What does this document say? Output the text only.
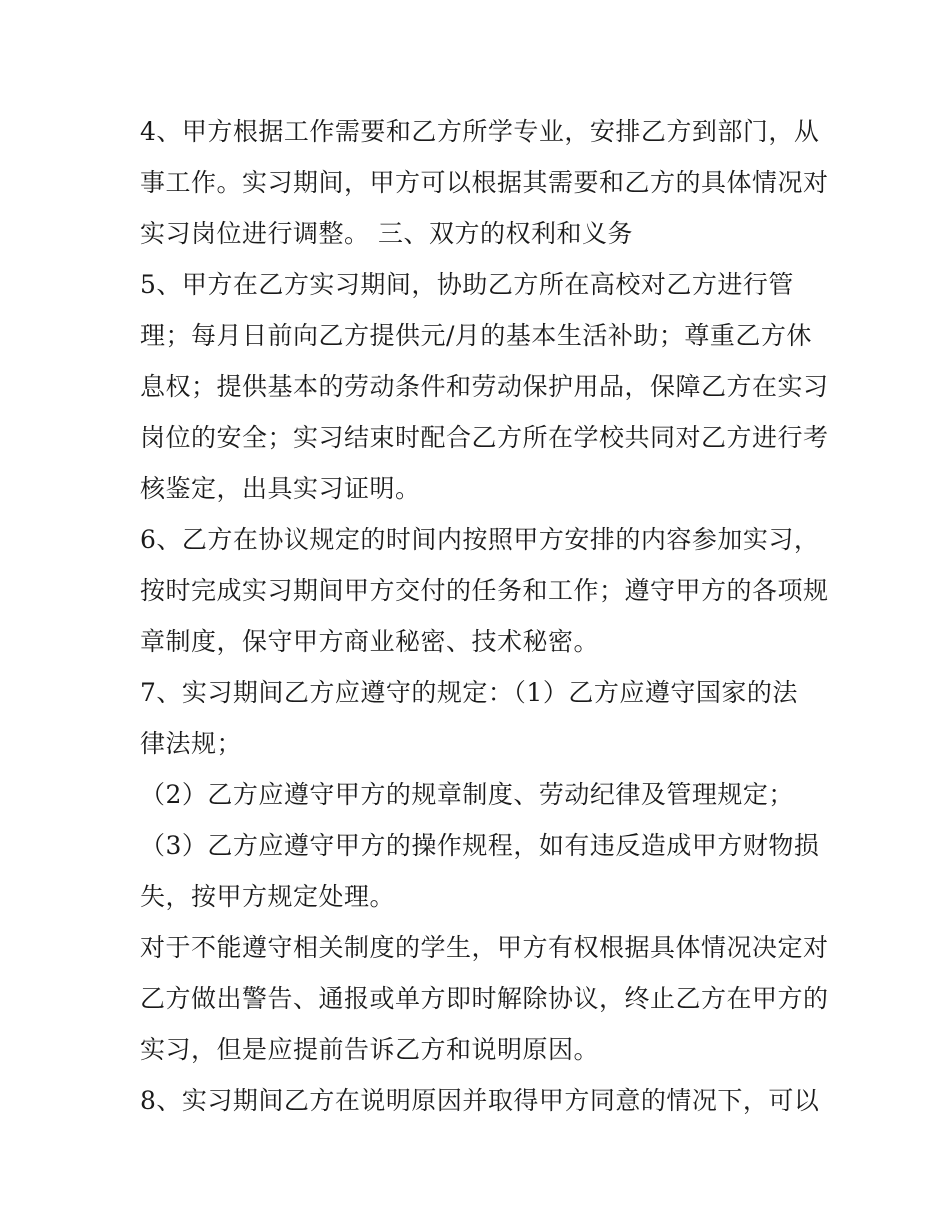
4、甲方根据工作需要和乙方所学专业，安排乙方到部门，从
事工作。实习期间，甲方可以根据其需要和乙方的具体情况对
实习岗位进行调整。 三、双方的权利和义务
5、甲方在乙方实习期间，协助乙方所在高校对乙方进行管
理；每月日前向乙方提供元/月的基本生活补助；尊重乙方休
息权；提供基本的劳动条件和劳动保护用品，保障乙方在实习
岗位的安全；实习结束时配合乙方所在学校共同对乙方进行考
核鉴定，出具实习证明。
6、乙方在协议规定的时间内按照甲方安排的内容参加实习，
按时完成实习期间甲方交付的任务和工作；遵守甲方的各项规
章制度，保守甲方商业秘密、技术秘密。
7、实习期间乙方应遵守的规定：（1）乙方应遵守国家的法
律法规；
（2）乙方应遵守甲方的规章制度、劳动纪律及管理规定；
（3）乙方应遵守甲方的操作规程，如有违反造成甲方财物损
失，按甲方规定处理。
对于不能遵守相关制度的学生，甲方有权根据具体情况决定对
乙方做出警告、通报或单方即时解除协议，终止乙方在甲方的
实习，但是应提前告诉乙方和说明原因。
8、实习期间乙方在说明原因并取得甲方同意的情况下，可以
